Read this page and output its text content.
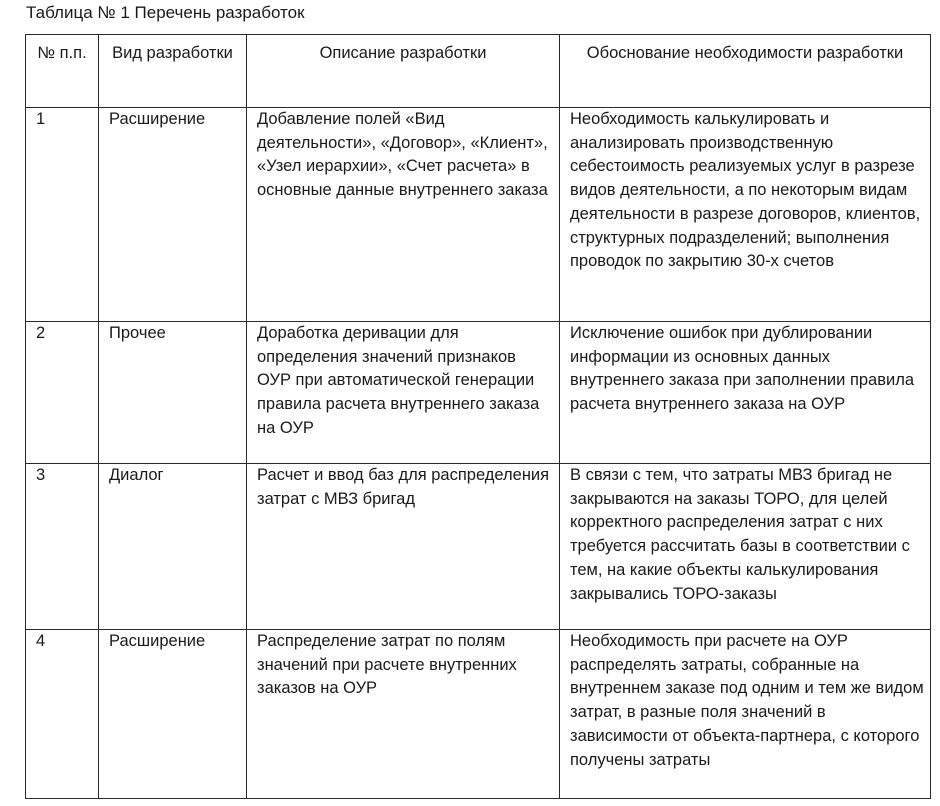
Таблица № 1 Перечень разработок
№ п.п.	Вид разработки	Описание разработки	Обоснование необходимости разработки
1	Расширение	Добавление полей «Вид деятельности», «Договор», «Клиент», «Узел иерархии», «Счет расчета» в основные данные внутреннего заказа	Необходимость калькулировать и анализировать производственную себестоимость реализуемых услуг в разрезе видов деятельности, а по некоторым видам деятельности в разрезе договоров, клиентов, структурных подразделений; выполнения проводок по закрытию 30-х счетов
2	Прочее	Доработка деривации для определения значений признаков ОУР при автоматической генерации правила расчета внутреннего заказа на ОУР	Исключение ошибок при дублировании информации из основных данных внутреннего заказа при заполнении правила расчета внутреннего заказа на ОУР
3	Диалог	Расчет и ввод баз для распределения затрат с МВЗ бригад	В связи с тем, что затраты МВЗ бригад не закрываются на заказы ТОРО, для целей корректного распределения затрат с них требуется рассчитать базы в соответствии с тем, на какие объекты калькулирования закрывались ТОРО-заказы
4	Расширение	Распределение затрат по полям значений при расчете внутренних заказов на ОУР	Необходимость при расчете на ОУР распределять затраты, собранные на внутреннем заказе под одним и тем же видом затрат, в разные поля значений в зависимости от объекта-партнера, с которого получены затраты
